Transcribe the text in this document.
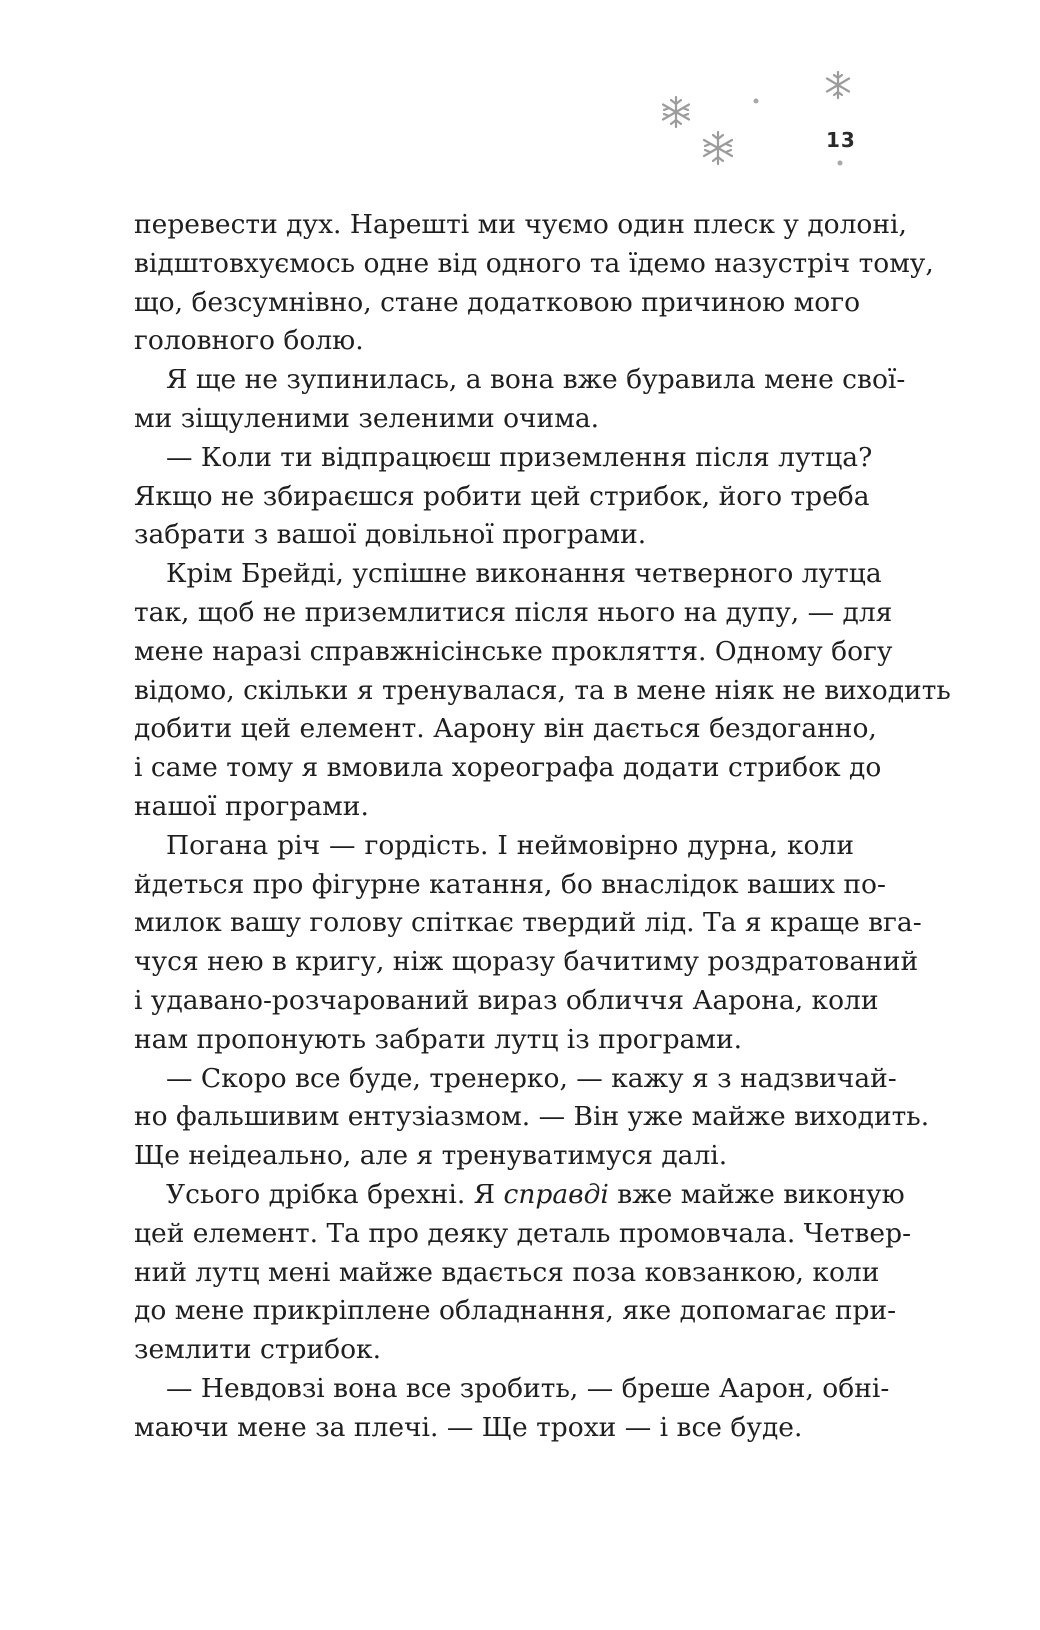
13
перевести дух. Нарешті ми чуємо один плеск у долоні,
відштовхуємось одне від одного та їдемо назустріч тому,
що, безсумнівно, стане додатковою причиною мого
головного болю.
Я ще не зупинилась, а вона вже буравила мене свої-
ми зіщуленими зеленими очима.
— Коли ти відпрацюєш приземлення після лутца?
Якщо не збираєшся робити цей стрибок, його треба
забрати з вашої довільної програми.
Крім Брейді, успішне виконання четверного лутца
так, щоб не приземлитися після нього на дупу, — для
мене наразі справжнісінське прокляття. Одному богу
відомо, скільки я тренувалася, та в мене ніяк не виходить
добити цей елемент. Аарону він дається бездоганно,
і саме тому я вмовила хореографа додати стрибок до
нашої програми.
Погана річ — гордість. І неймовірно дурна, коли
йдеться про фігурне катання, бо внаслідок ваших по-
милок вашу голову спіткає твердий лід. Та я краще вга-
чуся нею в кригу, ніж щоразу бачитиму роздратований
і удавано-розчарований вираз обличчя Аарона, коли
нам пропонують забрати лутц із програми.
— Скоро все буде, тренерко, — кажу я з надзвичай-
но фальшивим ентузіазмом. — Він уже майже виходить.
Ще неідеально, але я тренуватимуся далі.
Усього дрібка брехні. Я справді вже майже виконую
цей елемент. Та про деяку деталь промовчала. Четвер-
ний лутц мені майже вдається поза ковзанкою, коли
до мене прикріплене обладнання, яке допомагає при-
землити стрибок.
— Невдовзі вона все зробить, — бреше Аарон, обні-
маючи мене за плечі. — Ще трохи — і все буде.
